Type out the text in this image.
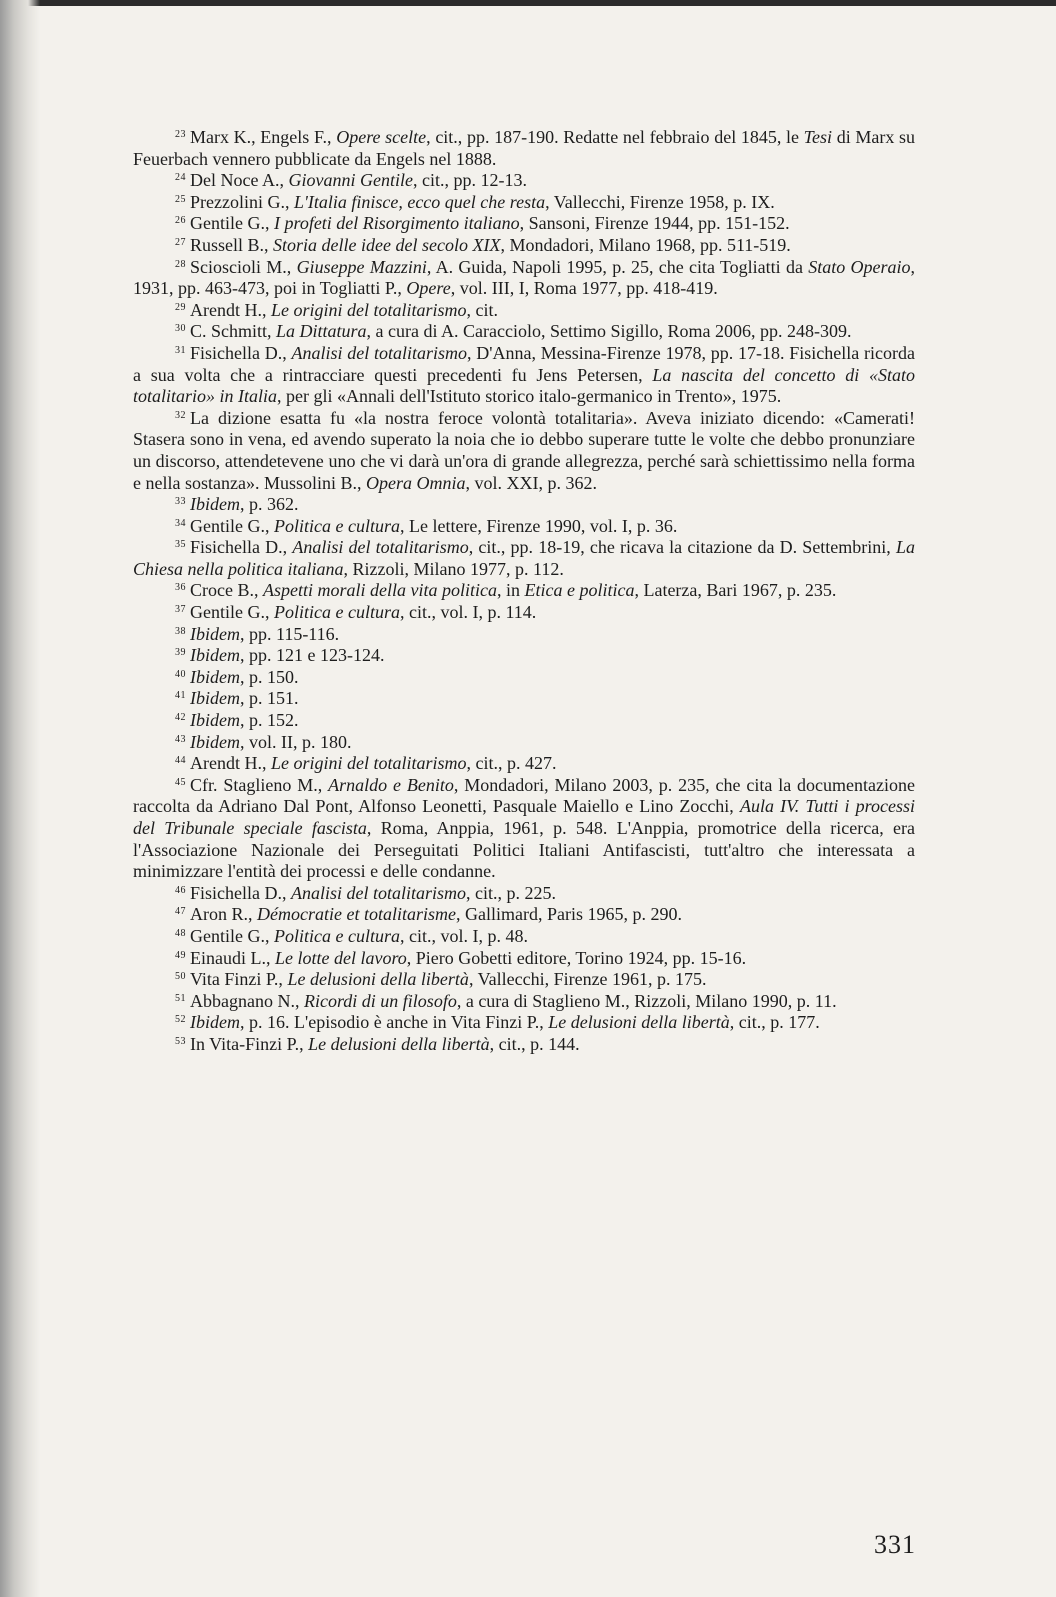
$^{23}$ Marx K., Engels F., Opere scelte, cit., pp. 187-190. Redatte nel febbraio del 1845, le Tesi di Marx su Feuerbach vennero pubblicate da Engels nel 1888.

$^{24}$ Del Noce A., Giovanni Gentile, cit., pp. 12-13.

$^{25}$ Prezzolini G., L'Italia finisce, ecco quel che resta, Vallecchi, Firenze 1958, p. IX.

$^{26}$ Gentile G., I profeti del Risorgimento italiano, Sansoni, Firenze 1944, pp. 151-152.

$^{27}$ Russell B., Storia delle idee del secolo XIX, Mondadori, Milano 1968, pp. 511-519.

$^{28}$ Scioscioli M., Giuseppe Mazzini, A. Guida, Napoli 1995, p. 25, che cita Togliatti da Stato Operaio, 1931, pp. 463-473, poi in Togliatti P., Opere, vol. III, I, Roma 1977, pp. 418-419.

$^{29}$ Arendt H., Le origini del totalitarismo, cit.

$^{30}$ C. Schmitt, La Dittatura, a cura di A. Caracciolo, Settimo Sigillo, Roma 2006, pp. 248-309.

$^{31}$ Fisichella D., Analisi del totalitarismo, D'Anna, Messina-Firenze 1978, pp. 17-18. Fisichella ricorda a sua volta che a rintracciare questi precedenti fu Jens Petersen, La nascita del concetto di «Stato totalitario» in Italia, per gli «Annali dell'Istituto storico italo-germanico in Trento», 1975.

$^{32}$ La dizione esatta fu «la nostra feroce volontà totalitaria». Aveva iniziato dicendo: «Camerati! Stasera sono in vena, ed avendo superato la noia che io debbo superare tutte le volte che debbo pronunziare un discorso, attendetevene uno che vi darà un'ora di grande allegrezza, perché sarà schiettissimo nella forma e nella sostanza». Mussolini B., Opera Omnia, vol. XXI, p. 362.

$^{33}$ Ibidem, p. 362.

$^{34}$ Gentile G., Politica e cultura, Le lettere, Firenze 1990, vol. I, p. 36.

$^{35}$ Fisichella D., Analisi del totalitarismo, cit., pp. 18-19, che ricava la citazione da D. Settembrini, La Chiesa nella politica italiana, Rizzoli, Milano 1977, p. 112.

$^{36}$ Croce B., Aspetti morali della vita politica, in Etica e politica, Laterza, Bari 1967, p. 235.

$^{37}$ Gentile G., Politica e cultura, cit., vol. I, p. 114.

$^{38}$ Ibidem, pp. 115-116.

$^{39}$ Ibidem, pp. 121 e 123-124.

$^{40}$ Ibidem, p. 150.

$^{41}$ Ibidem, p. 151.

$^{42}$ Ibidem, p. 152.

$^{43}$ Ibidem, vol. II, p. 180.

$^{44}$ Arendt H., Le origini del totalitarismo, cit., p. 427.

$^{45}$ Cfr. Staglieno M., Arnaldo e Benito, Mondadori, Milano 2003, p. 235, che cita la documentazione raccolta da Adriano Dal Pont, Alfonso Leonetti, Pasquale Maiello e Lino Zocchi, Aula IV. Tutti i processi del Tribunale speciale fascista, Roma, Anppia, 1961, p. 548. L'Anppia, promotrice della ricerca, era l'Associazione Nazionale dei Perseguitati Politici Italiani Antifascisti, tutt'altro che interessata a minimizzare l'entità dei processi e delle condanne.

$^{46}$ Fisichella D., Analisi del totalitarismo, cit., p. 225.

$^{47}$ Aron R., Démocratie et totalitarisme, Gallimard, Paris 1965, p. 290.

$^{48}$ Gentile G., Politica e cultura, cit., vol. I, p. 48.

$^{49}$ Einaudi L., Le lotte del lavoro, Piero Gobetti editore, Torino 1924, pp. 15-16.

$^{50}$ Vita Finzi P., Le delusioni della libertà, Vallecchi, Firenze 1961, p. 175.

$^{51}$ Abbagnano N., Ricordi di un filosofo, a cura di Staglieno M., Rizzoli, Milano 1990, p. 11.

$^{52}$ Ibidem, p. 16. L'episodio è anche in Vita Finzi P., Le delusioni della libertà, cit., p. 177.

$^{53}$ In Vita-Finzi P., Le delusioni della libertà, cit., p. 144.

331
